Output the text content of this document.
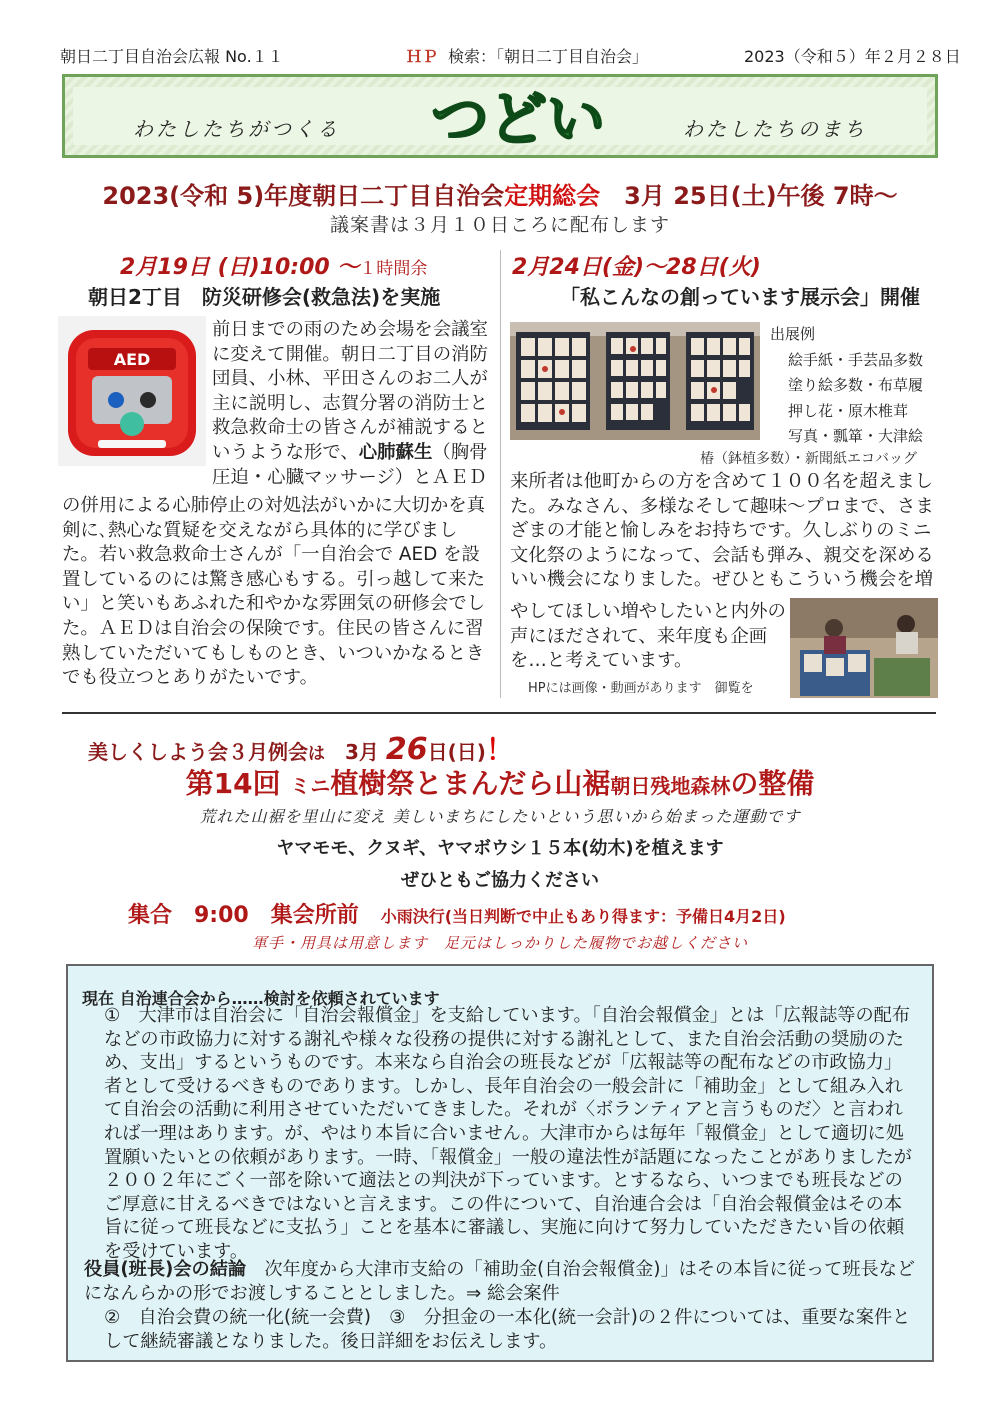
朝日二丁目自治会広報 No.１１	ＨＰ 検索：「朝日二丁目自治会」	2023（令和５）年２月２８日
わたしたちがつくる つどい	わたしたちのまち
2023(令和 5)年度朝日二丁目自治会定期総会　3月 25日(土)午後 7時～
議案書は３月１０日ころに配布します
2月19日 (日)10:00 ～１時間余
朝日2丁目　防災研修会(救急法)を実施
AED
前日までの雨のため会場を会議室に変えて開催。朝日二丁目の消防団員、小林、平田さんのお二人が主に説明し、志賀分署の消防士と救急救命士の皆さんが補説するというような形で、心肺蘇生（胸骨圧迫・心臓マッサージ）とＡＥＤ
の併用による心肺停止の対処法がいかに大切かを真剣に､熱心な質疑を交えながら具体的に学びました。若い救急救命士さんが「一自治会で AED を設置しているのには驚き感心もする。引っ越して来たい」と笑いもあふれた和やかな雰囲気の研修会でした。ＡＥＤは自治会の保険です。住民の皆さんに習熟していただいてもしものとき、いついかなるときでも役立つとありがたいです。
2月24日(金)～28日(火)
「私こんなの創っています展示会」開催
出展例
絵手紙・手芸品多数
塗り絵多数・布草履
押し花・原木椎茸
写真・瓢箪・大津絵
椿（鉢植多数）・新聞紙エコバッグ
来所者は他町からの方を含めて１００名を超えました。みなさん、多様なそして趣味～プロまで、さまざまの才能と愉しみをお持ちです。久しぶりのミニ文化祭のようになって、会話も弾み、親交を深めるいい機会になりました。ぜひともこういう機会を増
やしてほしい増やしたいと内外の声にほだされて、来年度も企画を…と考えています。
HPには画像・動画があります　御覧を
美しくしよう会３月例会は　3月 26日(日)！
第14回 ミニ植樹祭とまんだら山裾朝日残地森林の整備
荒れた山裾を里山に変え 美しいまちにしたいという思いから始まった運動です
ヤマモモ、クヌギ、ヤマボウシ１５本(幼木)を植えます
ぜひともご協力ください
集合　9:00　集会所前　小雨決行(当日判断で中止もあり得ます：予備日4月2日)
軍手・用具は用意します　足元はしっかりした履物でお越しください
現在 自治連合会から……検討を依頼されています
①　大津市は自治会に「自治会報償金」を支給しています。「自治会報償金」とは「広報誌等の配布などの市政協力に対する謝礼や様々な役務の提供に対する謝礼として、また自治会活動の奨励のため、支出」するというものです。本来なら自治会の班長などが「広報誌等の配布などの市政協力」者として受けるべきものであります。しかし、長年自治会の一般会計に「補助金」として組み入れて自治会の活動に利用させていただいてきました。それが〈ボランティアと言うものだ〉と言われれば一理はあります。が、やはり本旨に合いません。大津市からは毎年「報償金」として適切に処置願いたいとの依頼があります。一時、｢報償金」一般の違法性が話題になったことがありましたが２００２年にごく一部を除いて適法との判決が下っています。とするなら、いつまでも班長などのご厚意に甘えるべきではないと言えます。この件について、自治連合会は「自治会報償金はその本旨に従って班長などに支払う」ことを基本に審議し、実施に向けて努力していただきたい旨の依頼を受けています。
役員(班長)会の結論　次年度から大津市支給の「補助金(自治会報償金)」はその本旨に従って班長などになんらかの形でお渡しすることとしました。⇒ 総会案件
②　自治会費の統一化(統一会費)　③　分担金の一本化(統一会計)の２件については、重要な案件として継続審議となりました。後日詳細をお伝えします。
